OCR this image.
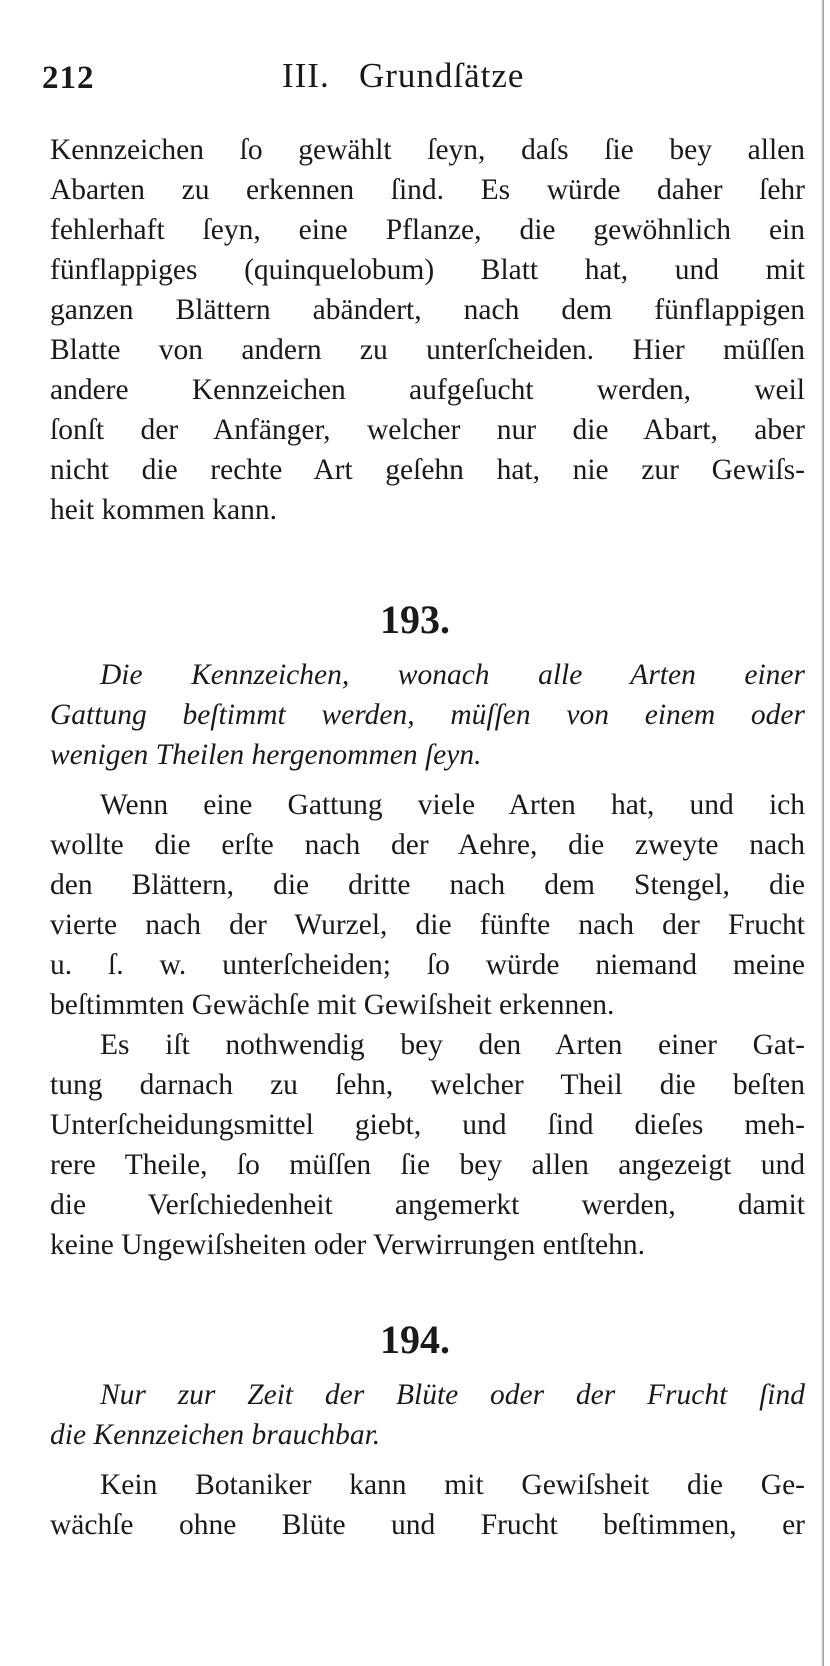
212	III.   Grundſätze
Kennzeichen ſo gewählt ſeyn, daſs ſie bey allen
Abarten zu erkennen ſind. Es würde daher ſehr
fehlerhaft ſeyn, eine Pflanze, die gewöhnlich ein
fünflappiges (quinquelobum) Blatt hat, und mit
ganzen Blättern abändert, nach dem fünflappigen
Blatte von andern zu unterſcheiden. Hier müſſen
andere Kennzeichen aufgeſucht werden, weil
ſonſt der Anfänger, welcher nur die Abart, aber
nicht die rechte Art geſehn hat, nie zur Gewiſs-
heit kommen kann.
193.
Die Kennzeichen, wonach alle Arten einer
Gattung beſtimmt werden, müſſen von einem oder
wenigen Theilen hergenommen ſeyn.
Wenn eine Gattung viele Arten hat, und ich
wollte die erſte nach der Aehre, die zweyte nach
den Blättern, die dritte nach dem Stengel, die
vierte nach der Wurzel, die fünfte nach der Frucht
u. ſ. w. unterſcheiden; ſo würde niemand meine
beſtimmten Gewächſe mit Gewiſsheit erkennen.
Es iſt nothwendig bey den Arten einer Gat-
tung darnach zu ſehn, welcher Theil die beſten
Unterſcheidungsmittel giebt, und ſind dieſes meh-
rere Theile, ſo müſſen ſie bey allen angezeigt und
die Verſchiedenheit angemerkt werden, damit
keine Ungewiſsheiten oder Verwirrungen entſtehn.
194.
Nur zur Zeit der Blüte oder der Frucht ſind
die Kennzeichen brauchbar.
Kein Botaniker kann mit Gewiſsheit die Ge-
wächſe ohne Blüte und Frucht beſtimmen, er
